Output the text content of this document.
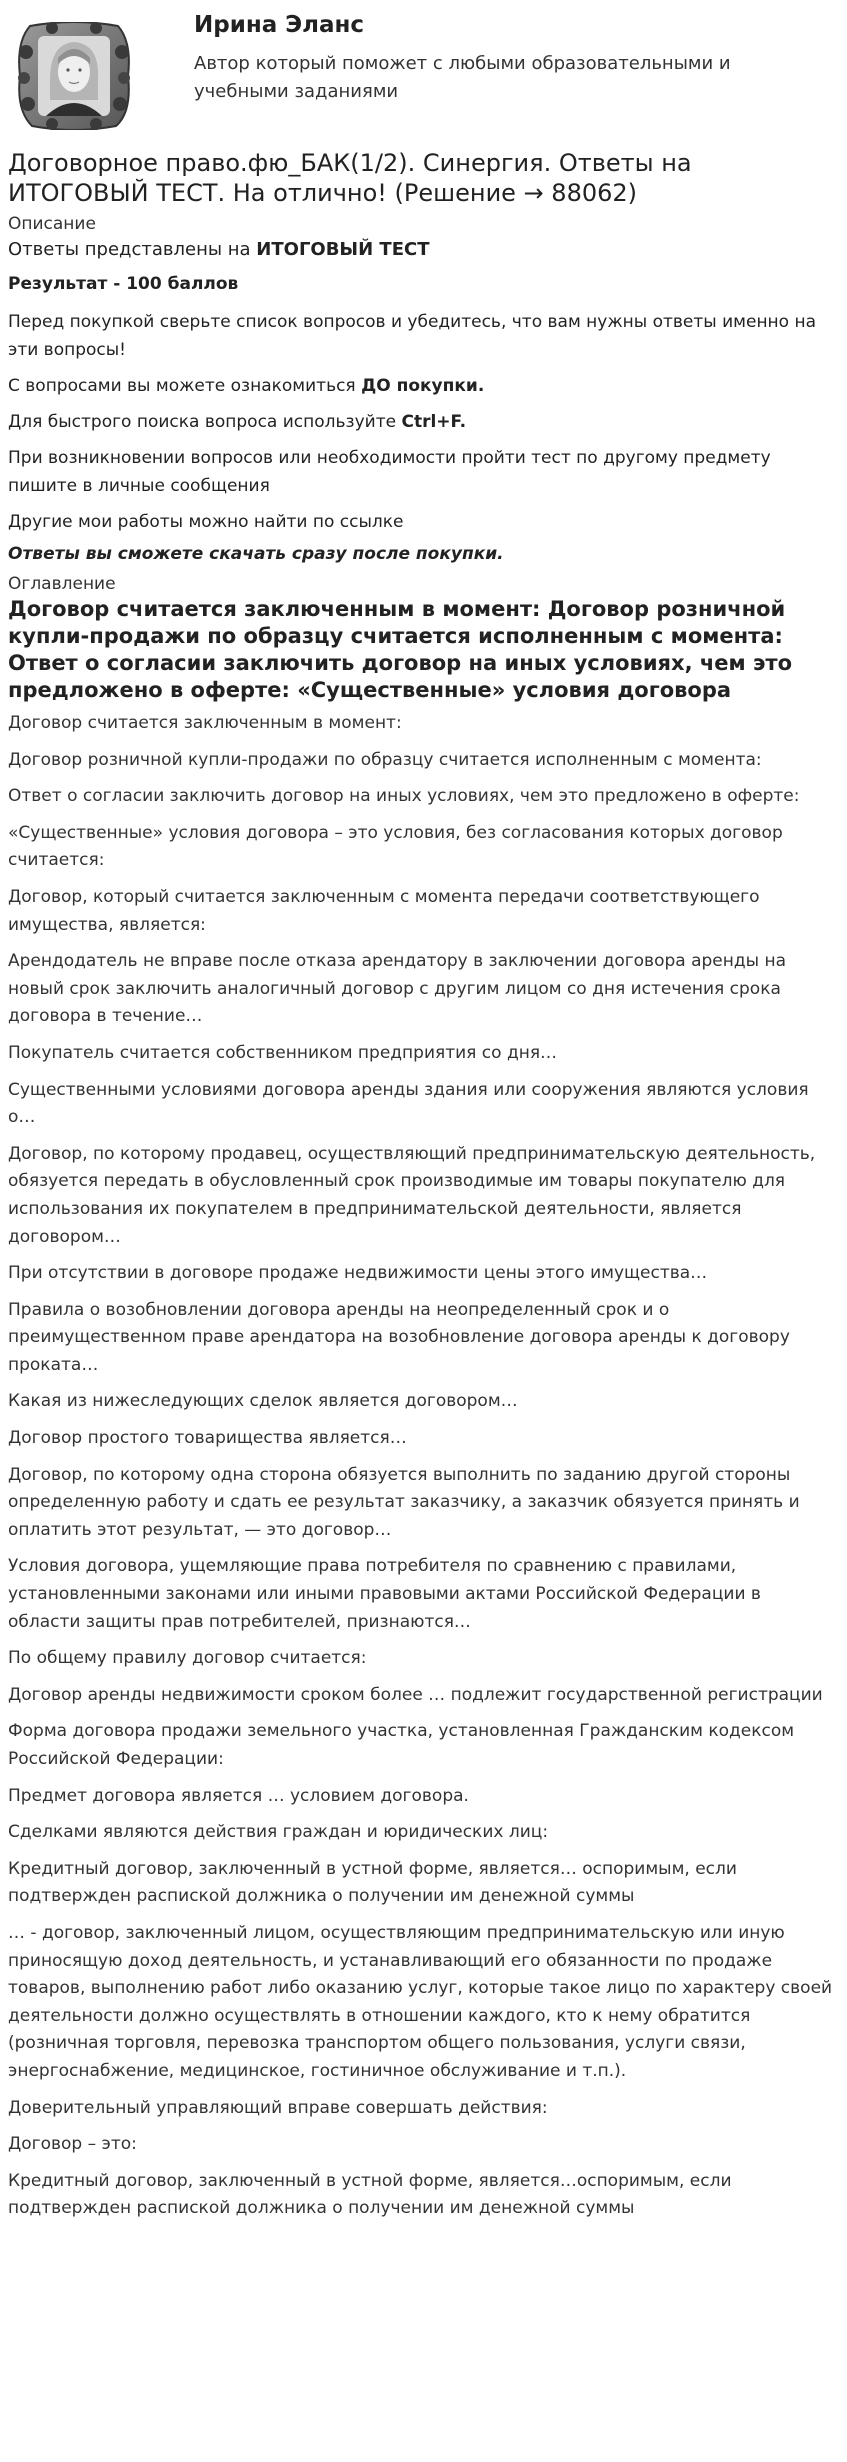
Ирина Эланс

Автор который поможет с любыми образовательными и учебными заданиями

Договорное право.фю_БАК(1/2). Синергия. Ответы на ИТОГОВЫЙ ТЕСТ. На отлично! (Решение → 88062)

Описание

Ответы представлены на ИТОГОВЫЙ ТЕСТ

Результат - 100 баллов

Перед покупкой сверьте список вопросов и убедитесь, что вам нужны ответы именно на эти вопросы!

С вопросами вы можете ознакомиться ДО покупки.

Для быстрого поиска вопроса используйте Ctrl+F.

При возникновении вопросов или необходимости пройти тест по другому предмету пишите в личные сообщения

Другие мои работы можно найти по ссылке

Ответы вы сможете скачать сразу после покупки.

Оглавление

Договор считается заключенным в момент: Договор розничной купли-продажи по образцу считается исполненным с момента: Ответ о согласии заключить договор на иных условиях, чем это предложено в оферте: «Существенные» условия договора
Договор считается заключенным в момент:
Договор розничной купли-продажи по образцу считается исполненным с момента:
Ответ о согласии заключить договор на иных условиях, чем это предложено в оферте:
«Существенные» условия договора – это условия, без согласования которых договор считается:
Договор, который считается заключенным с момента передачи соответствующего имущества, является:
Арендодатель не вправе после отказа арендатору в заключении договора аренды на новый срок заключить аналогичный договор с другим лицом со дня истечения срока договора в течение…
Покупатель считается собственником предприятия со дня…
Существенными условиями договора аренды здания или сооружения являются условия о…
Договор, по которому продавец, осуществляющий предпринимательскую деятельность, обязуется передать в обусловленный срок производимые им товары покупателю для использования их покупателем в предпринимательской деятельности, является договором…
При отсутствии в договоре продаже недвижимости цены этого имущества…
Правила о возобновлении договора аренды на неопределенный срок и о преимущественном праве арендатора на возобновление договора аренды к договору проката…
Какая из нижеследующих сделок является договором…
Договор простого товарищества является…
Договор, по которому одна сторона обязуется выполнить по заданию другой стороны определенную работу и сдать ее результат заказчику, а заказчик обязуется принять и оплатить этот результат, — это договор…
Условия договора, ущемляющие права потребителя по сравнению с правилами, установленными законами или иными правовыми актами Российской Федерации в области защиты прав потребителей, признаются…
По общему правилу договор считается:
Договор аренды недвижимости сроком более … подлежит государственной регистрации
Форма договора продажи земельного участка, установленная Гражданским кодексом Российской Федерации:
Предмет договора является … условием договора.
Сделками являются действия граждан и юридических лиц:
Кредитный договор, заключенный в устной форме, является… оспоримым, если подтвержден распиской должника о получении им денежной суммы
… - договор, заключенный лицом, осуществляющим предпринимательскую или иную приносящую доход деятельность, и устанавливающий его обязанности по продаже товаров, выполнению работ либо оказанию услуг, которые такое лицо по характеру своей деятельности должно осуществлять в отношении каждого, кто к нему обратится (розничная торговля, перевозка транспортом общего пользования, услуги связи, энергоснабжение, медицинское, гостиничное обслуживание и т.п.).
Доверительный управляющий вправе совершать действия:
Договор – это:
Кредитный договор, заключенный в устной форме, является…оспоримым, если подтвержден распиской должника о получении им денежной суммы
